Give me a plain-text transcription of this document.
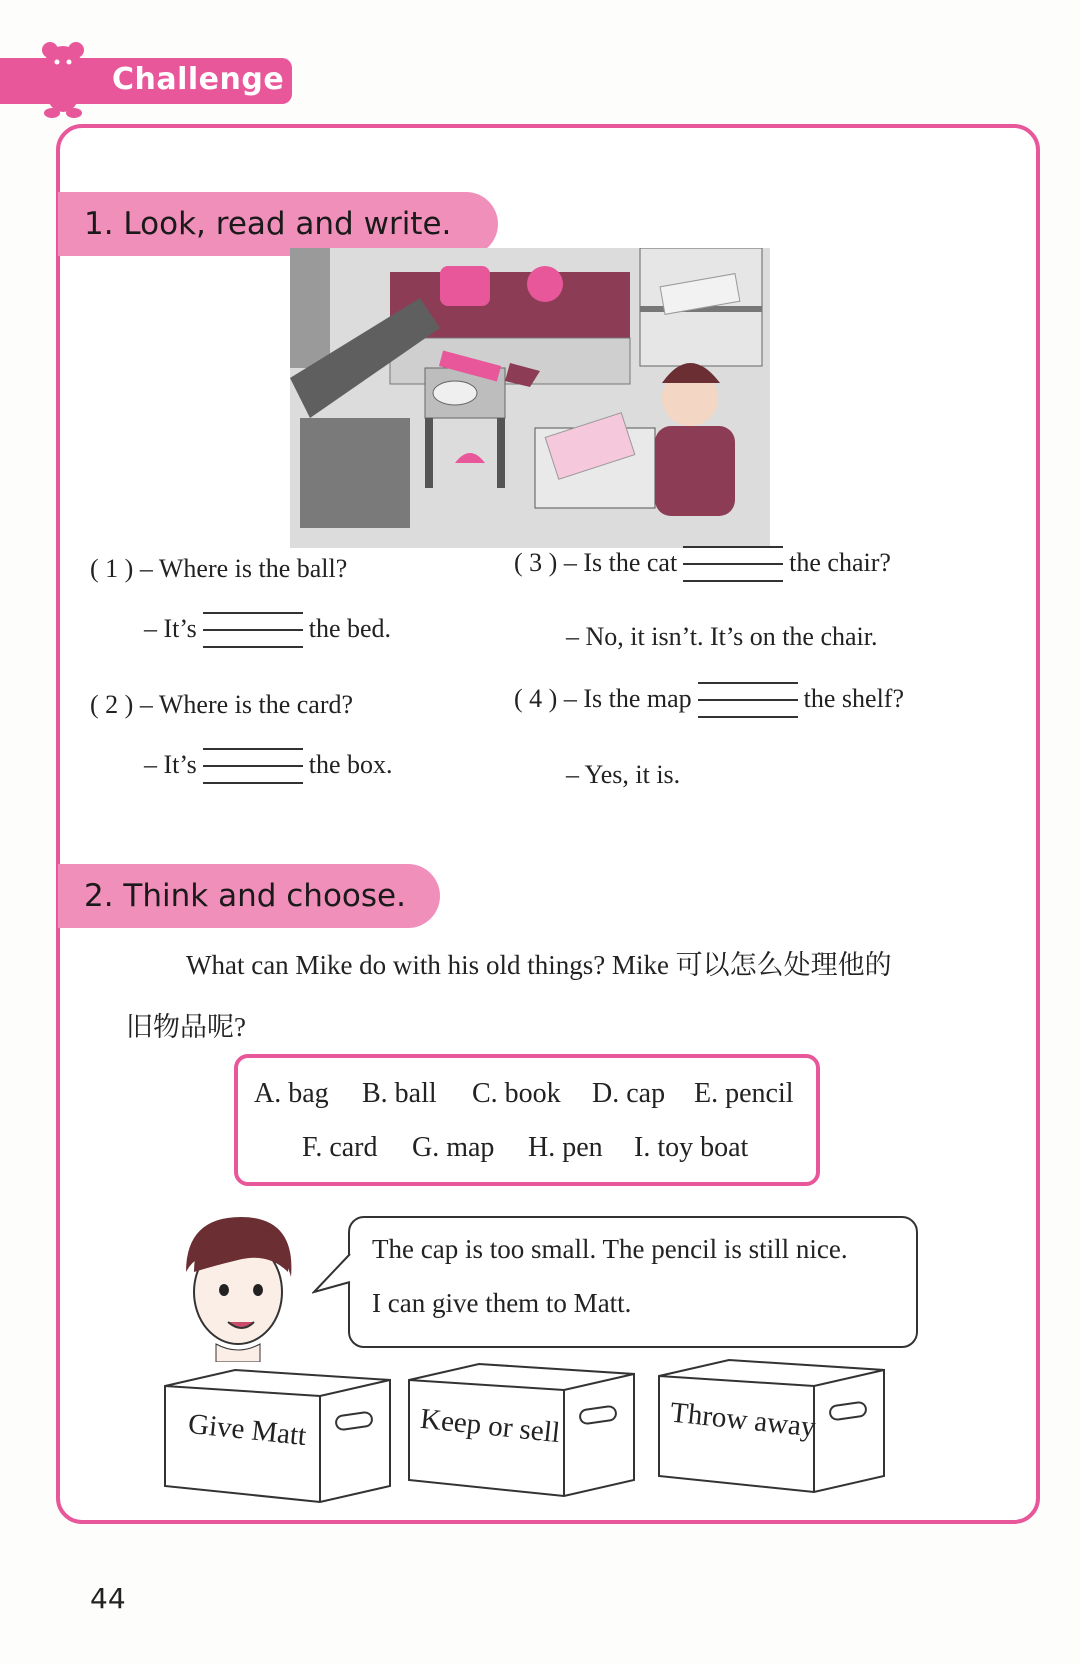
Challenge
1. Look, read and write.
( 1 ) – Where is the ball?
– It’s	the bed.
( 2 ) – Where is the card?
– It’s	the box.
( 3 ) – Is the cat	the chair?
– No, it isn’t. It’s on the chair.
( 4 ) – Is the map	the shelf?
– Yes, it is.
2. Think and choose.
What can Mike do with his old things? Mike 可以怎么处理他的
旧物品呢?
A. bag B. ball C. book D. cap E. pencil
F. card G. map H. pen I. toy boat
The cap is too small. The pencil is still nice.
I can give them to Matt.
Give Matt	Keep or sell	Throw away
44
